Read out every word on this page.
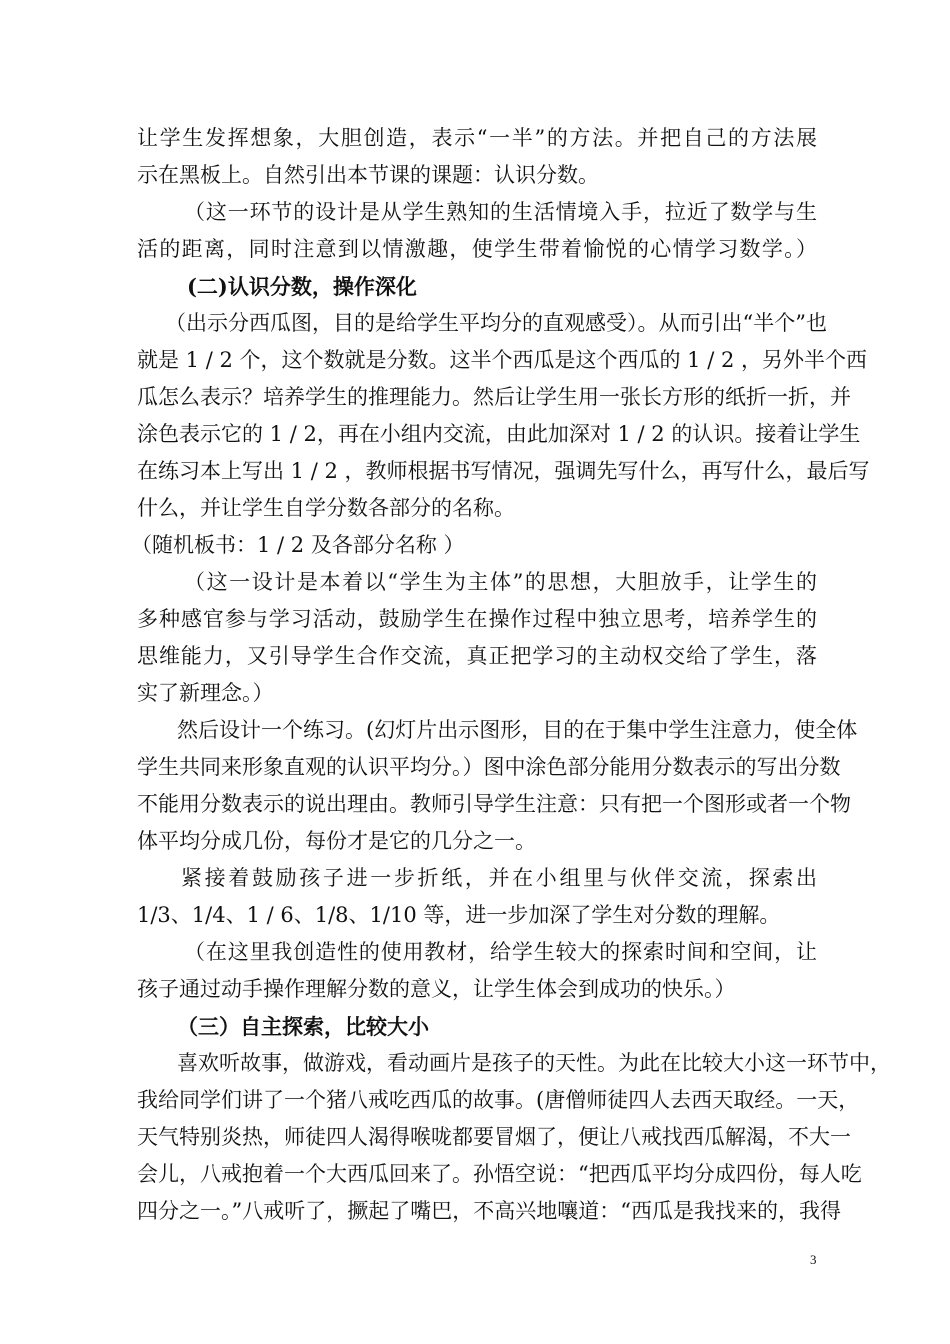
让学生发挥想象，大胆创造，表示“一半”的方法。并把自己的方法展
示在黑板上。自然引出本节课的课题：认识分数。
（这一环节的设计是从学生熟知的生活情境入手，拉近了数学与生
活的距离，同时注意到以情激趣，使学生带着愉悦的心情学习数学。）
(二)认识分数，操作深化
（出示分西瓜图，目的是给学生平均分的直观感受）。从而引出“半个”也
就是 1 / 2 个，这个数就是分数。这半个西瓜是这个西瓜的 1 / 2 ，另外半个西
瓜怎么表示？培养学生的推理能力。然后让学生用一张长方形的纸折一折，并
涂色表示它的 1 / 2，再在小组内交流，由此加深对 1 / 2 的认识。接着让学生
在练习本上写出 1 / 2 ，教师根据书写情况，强调先写什么，再写什么，最后写
什么，并让学生自学分数各部分的名称。
（随机板书：1 / 2 及各部分名称 ）
（这一设计是本着以“学生为主体”的思想，大胆放手，让学生的
多种感官参与学习活动，鼓励学生在操作过程中独立思考，培养学生的
思维能力，又引导学生合作交流，真正把学习的主动权交给了学生，落
实了新理念。）
然后设计一个练习。(幻灯片出示图形，目的在于集中学生注意力，使全体
学生共同来形象直观的认识平均分。）图中涂色部分能用分数表示的写出分数
不能用分数表示的说出理由。教师引导学生注意：只有把一个图形或者一个物
体平均分成几份，每份才是它的几分之一。
紧接着鼓励孩子进一步折纸，并在小组里与伙伴交流，探索出
1/3、1/4、1 / 6、1/8、1/10 等，进一步加深了学生对分数的理解。
（在这里我创造性的使用教材，给学生较大的探索时间和空间，让
孩子通过动手操作理解分数的意义，让学生体会到成功的快乐。）
（三）自主探索，比较大小
喜欢听故事，做游戏，看动画片是孩子的天性。为此在比较大小这一环节中，
我给同学们讲了一个猪八戒吃西瓜的故事。(唐僧师徒四人去西天取经。一天，
天气特别炎热，师徒四人渴得喉咙都要冒烟了，便让八戒找西瓜解渴，不大一
会儿，八戒抱着一个大西瓜回来了。孙悟空说：“把西瓜平均分成四份，每人吃
四分之一。”八戒听了，撅起了嘴巴，不高兴地嚷道：“西瓜是我找来的，我得
3
